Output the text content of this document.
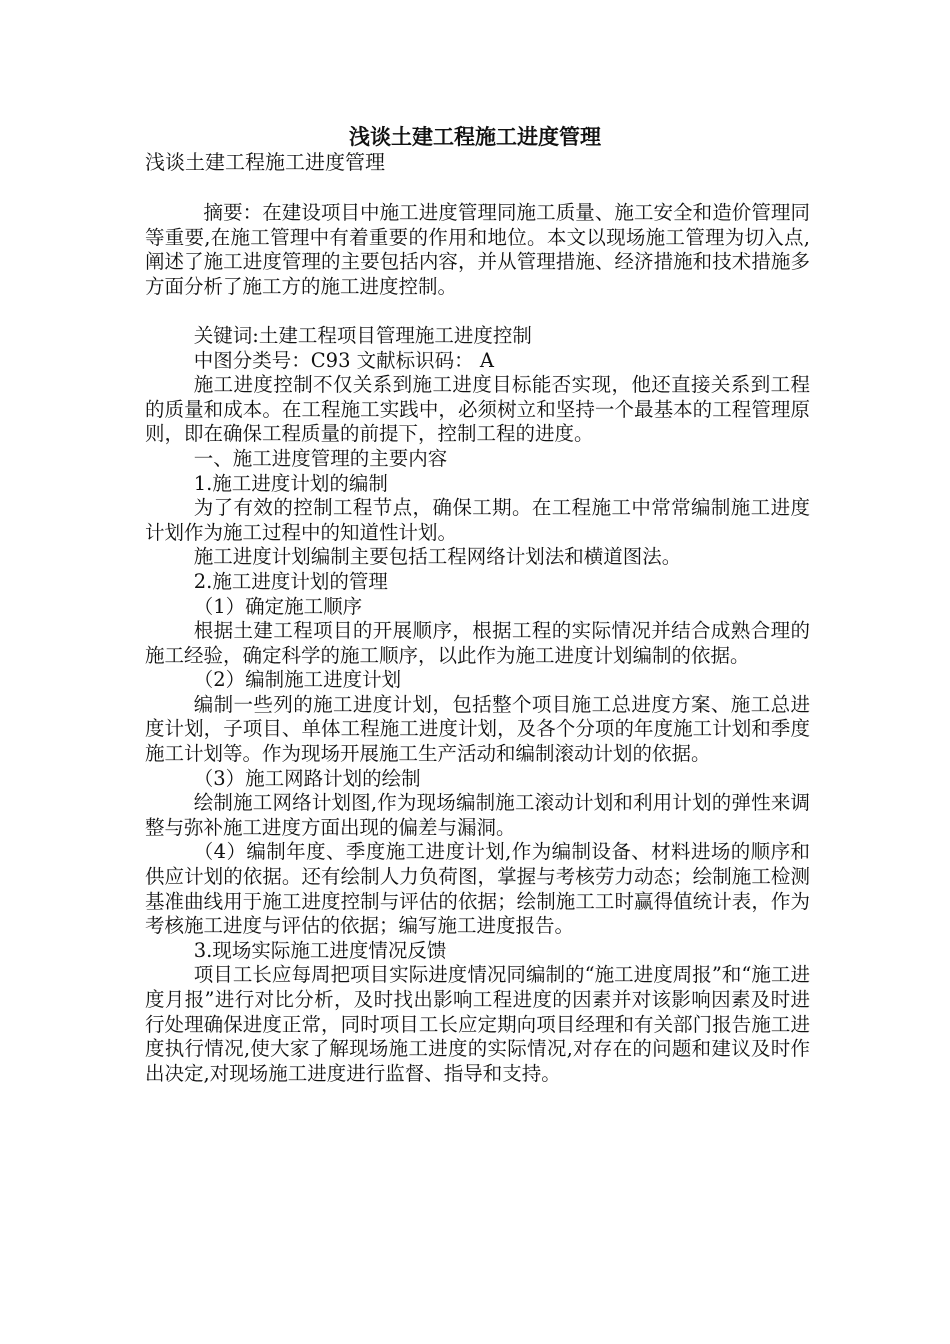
浅谈土建工程施工进度管理
浅谈土建工程施工进度管理

摘要：在建设项目中施工进度管理同施工质量、施工安全和造价管理同等重要,在施工管理中有着重要的作用和地位。本文以现场施工管理为切入点,阐述了施工进度管理的主要包括内容，并从管理措施、经济措施和技术措施多方面分析了施工方的施工进度控制。

关键词:土建工程项目管理施工进度控制

中图分类号：C93 文献标识码： A

施工进度控制不仅关系到施工进度目标能否实现，他还直接关系到工程的质量和成本。在工程施工实践中，必须树立和坚持一个最基本的工程管理原则，即在确保工程质量的前提下，控制工程的进度。

一、施工进度管理的主要内容

1.施工进度计划的编制

为了有效的控制工程节点，确保工期。在工程施工中常常编制施工进度计划作为施工过程中的知道性计划。

施工进度计划编制主要包括工程网络计划法和横道图法。

2.施工进度计划的管理

（1）确定施工顺序

根据土建工程项目的开展顺序，根据工程的实际情况并结合成熟合理的施工经验，确定科学的施工顺序，以此作为施工进度计划编制的依据。

（2）编制施工进度计划

编制一些列的施工进度计划，包括整个项目施工总进度方案、施工总进度计划，子项目、单体工程施工进度计划，及各个分项的年度施工计划和季度施工计划等。作为现场开展施工生产活动和编制滚动计划的依据。

（3）施工网路计划的绘制

绘制施工网络计划图,作为现场编制施工滚动计划和利用计划的弹性来调整与弥补施工进度方面出现的偏差与漏洞。

（4）编制年度、季度施工进度计划,作为编制设备、材料进场的顺序和供应计划的依据。还有绘制人力负荷图，掌握与考核劳力动态；绘制施工检测基准曲线用于施工进度控制与评估的依据；绘制施工工时赢得值统计表，作为考核施工进度与评估的依据；编写施工进度报告。

3.现场实际施工进度情况反馈

项目工长应每周把项目实际进度情况同编制的“施工进度周报”和“施工进度月报”进行对比分析，及时找出影响工程进度的因素并对该影响因素及时进行处理确保进度正常，同时项目工长应定期向项目经理和有关部门报告施工进度执行情况,使大家了解现场施工进度的实际情况,对存在的问题和建议及时作出决定,对现场施工进度进行监督、指导和支持。
